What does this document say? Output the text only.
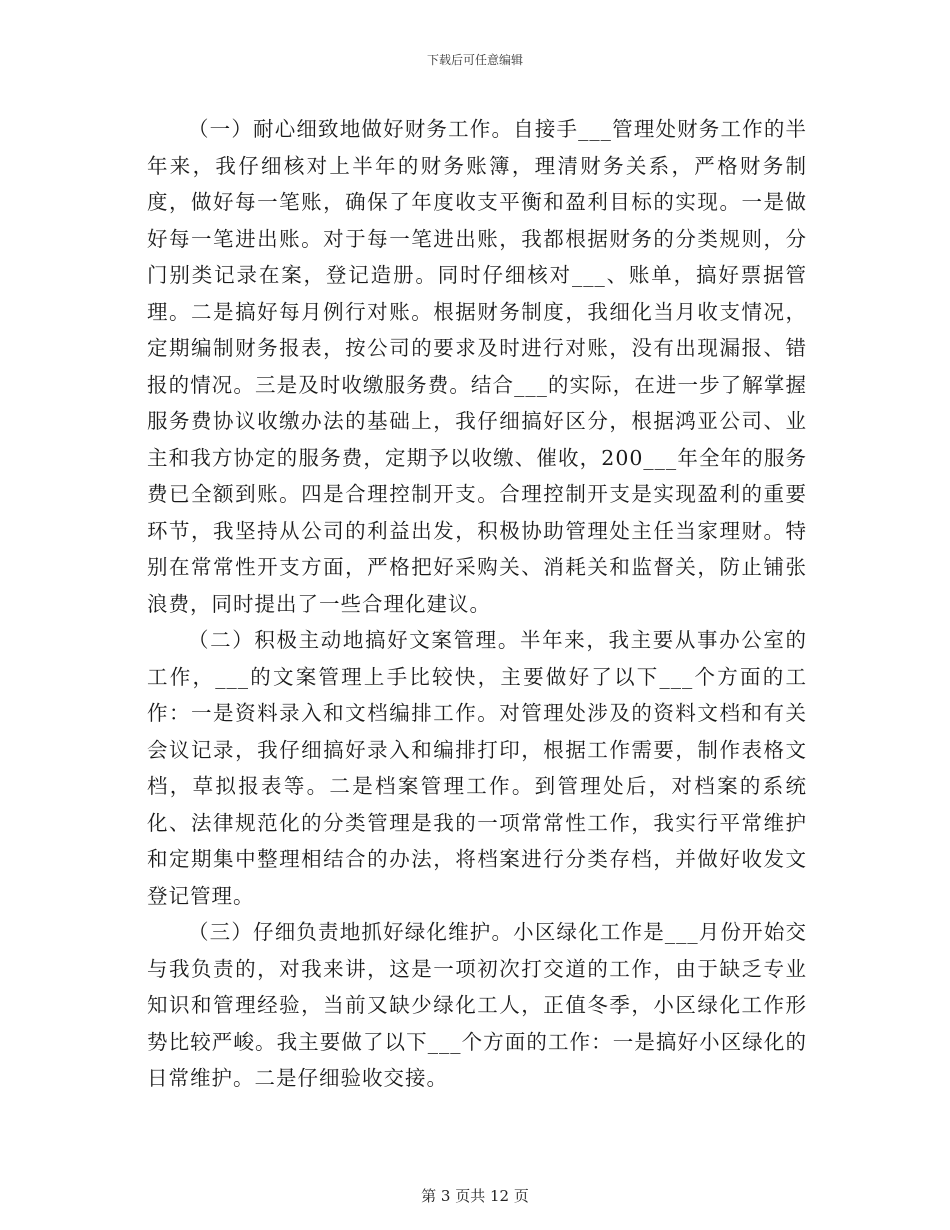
下载后可任意编辑

（一）耐心细致地做好财务工作。自接手___管理处财务工作的半年来，我仔细核对上半年的财务账簿，理清财务关系，严格财务制度，做好每一笔账，确保了年度收支平衡和盈利目标的实现。一是做好每一笔进出账。对于每一笔进出账，我都根据财务的分类规则，分门别类记录在案，登记造册。同时仔细核对___、账单，搞好票据管理。二是搞好每月例行对账。根据财务制度，我细化当月收支情况，定期编制财务报表，按公司的要求及时进行对账，没有出现漏报、错报的情况。三是及时收缴服务费。结合___的实际，在进一步了解掌握服务费协议收缴办法的基础上，我仔细搞好区分，根据鸿亚公司、业主和我方协定的服务费，定期予以收缴、催收，200___年全年的服务费已全额到账。四是合理控制开支。合理控制开支是实现盈利的重要环节，我坚持从公司的利益出发，积极协助管理处主任当家理财。特别在常常性开支方面，严格把好采购关、消耗关和监督关，防止铺张浪费，同时提出了一些合理化建议。

（二）积极主动地搞好文案管理。半年来，我主要从事办公室的工作，___的文案管理上手比较快，主要做好了以下___个方面的工作：一是资料录入和文档编排工作。对管理处涉及的资料文档和有关会议记录，我仔细搞好录入和编排打印，根据工作需要，制作表格文档，草拟报表等。二是档案管理工作。到管理处后，对档案的系统化、法律规范化的分类管理是我的一项常常性工作，我实行平常维护和定期集中整理相结合的办法，将档案进行分类存档，并做好收发文登记管理。

（三）仔细负责地抓好绿化维护。小区绿化工作是___月份开始交与我负责的，对我来讲，这是一项初次打交道的工作，由于缺乏专业知识和管理经验，当前又缺少绿化工人，正值冬季，小区绿化工作形势比较严峻。我主要做了以下___个方面的工作：一是搞好小区绿化的日常维护。二是仔细验收交接。

第 3 页共 12 页
